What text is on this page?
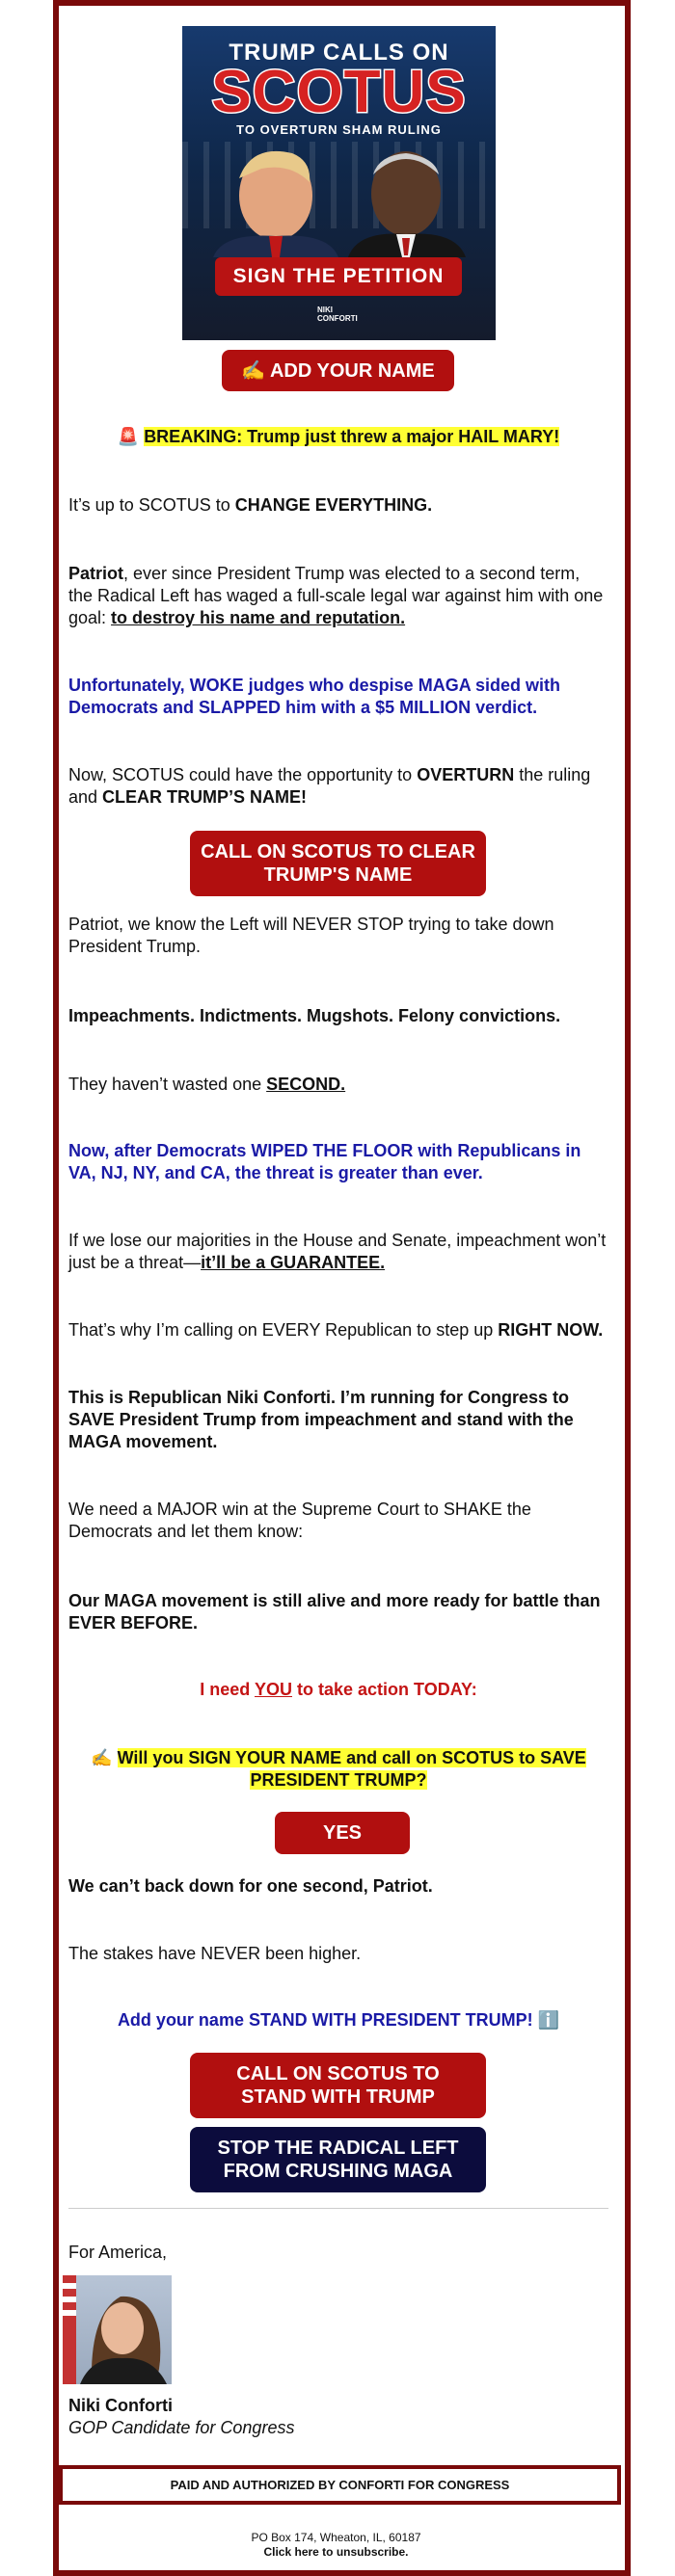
TRUMP CALLS ON
SCOTUS
TO OVERTURN SHAM RULING
SIGN THE PETITION
NIKI
CONFORTI
✍️ ADD YOUR NAME
🚨 BREAKING: Trump just threw a major HAIL MARY!
It’s up to SCOTUS to CHANGE EVERYTHING.
Patriot, ever since President Trump was elected to a second term, the Radical Left has waged a full-scale legal war against him with one goal: to destroy his name and reputation.
Unfortunately, WOKE judges who despise MAGA sided with Democrats and SLAPPED him with a $5 MILLION verdict.
Now, SCOTUS could have the opportunity to OVERTURN the ruling and CLEAR TRUMP’S NAME!
CALL ON SCOTUS TO CLEAR
TRUMP'S NAME
Patriot, we know the Left will NEVER STOP trying to take down President Trump.
Impeachments. Indictments. Mugshots. Felony convictions.
They haven’t wasted one SECOND.
Now, after Democrats WIPED THE FLOOR with Republicans in VA, NJ, NY, and CA, the threat is greater than ever.
If we lose our majorities in the House and Senate, impeachment won’t just be a threat—it’ll be a GUARANTEE.
That’s why I’m calling on EVERY Republican to step up RIGHT NOW.
This is Republican Niki Conforti. I’m running for Congress to SAVE President Trump from impeachment and stand with the MAGA movement.
We need a MAJOR win at the Supreme Court to SHAKE the Democrats and let them know:
Our MAGA movement is still alive and more ready for battle than EVER BEFORE.
I need YOU to take action TODAY:
✍️ Will you SIGN YOUR NAME and call on SCOTUS to SAVE PRESIDENT TRUMP?
YES
We can’t back down for one second, Patriot.
The stakes have NEVER been higher.
Add your name STAND WITH PRESIDENT TRUMP! ℹ️
CALL ON SCOTUS TO
STAND WITH TRUMP
STOP THE RADICAL LEFT
FROM CRUSHING MAGA
For America,
Niki Conforti
GOP Candidate for Congress
PAID AND AUTHORIZED BY CONFORTI FOR CONGRESS
PO Box 174, Wheaton, IL, 60187
Click here to unsubscribe.
